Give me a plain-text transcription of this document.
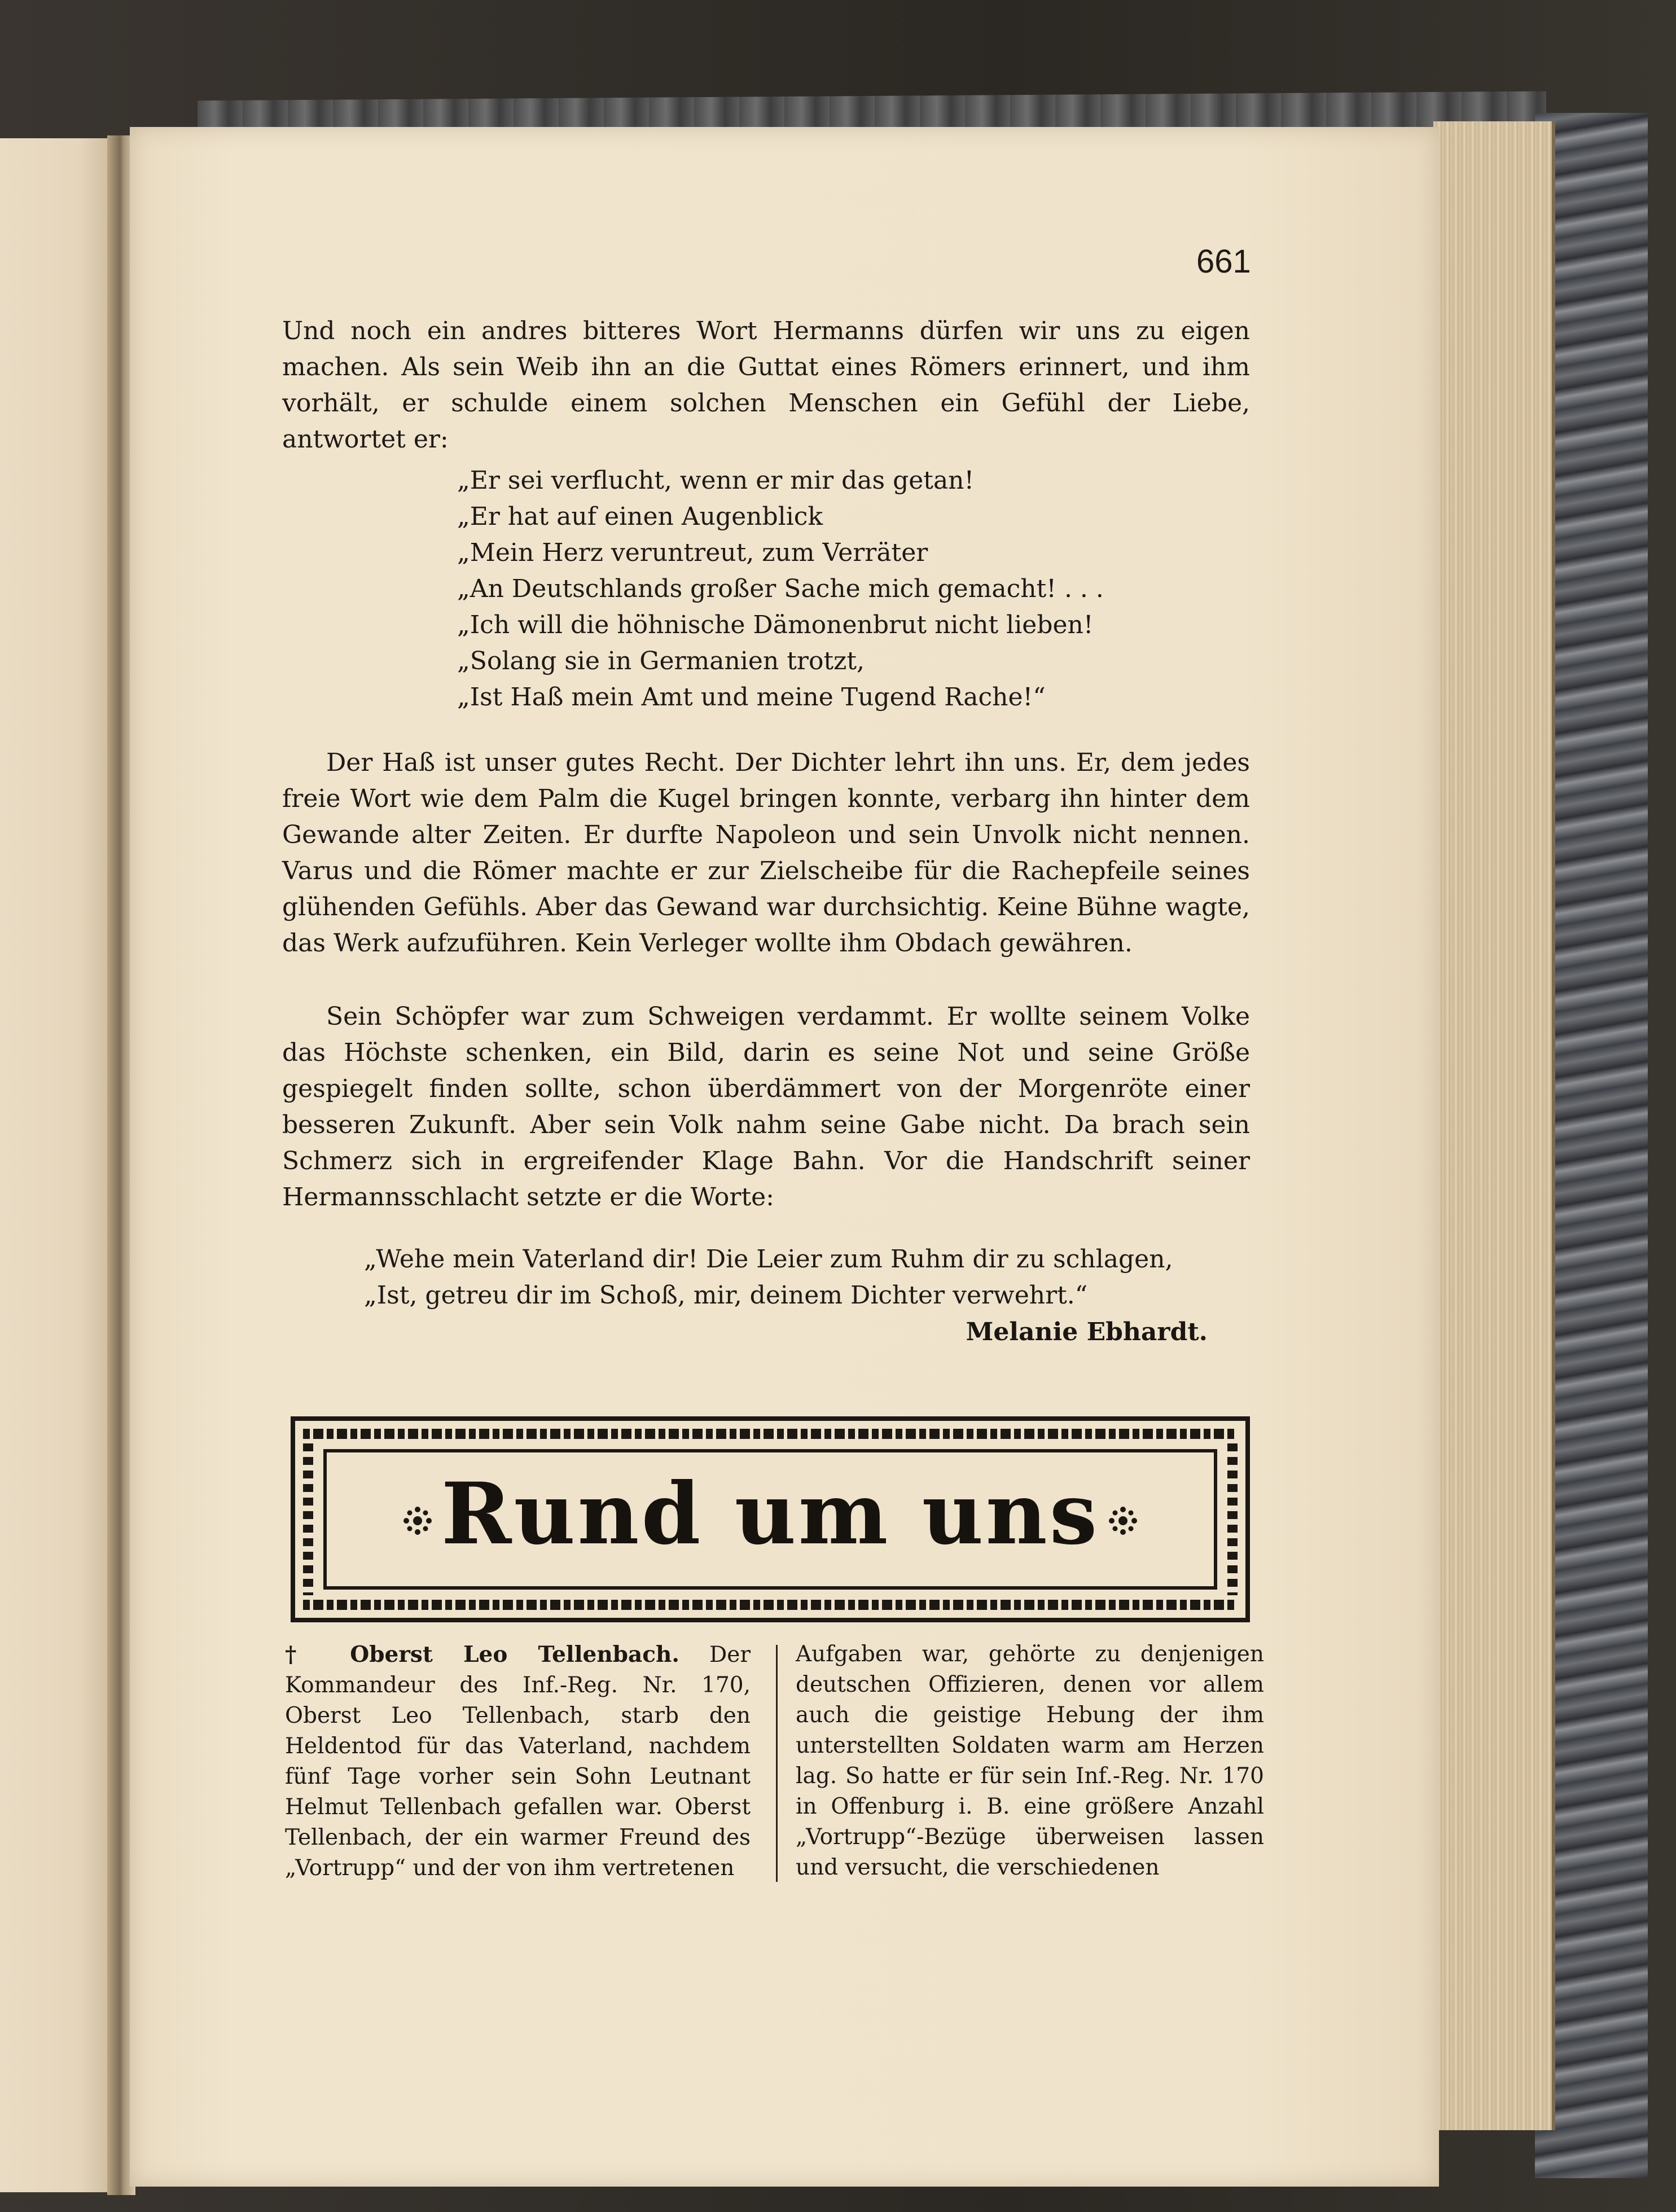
661

Und noch ein andres bitteres Wort Hermanns dürfen wir uns zu eigen machen. Als sein Weib ihn an die Guttat eines Römers erinnert, und ihm vorhält, er schulde einem solchen Menschen ein Gefühl der Liebe, antwortet er:

„Er sei verflucht, wenn er mir das getan!
„Er hat auf einen Augenblick
„Mein Herz veruntreut, zum Verräter
„An Deutschlands großer Sache mich gemacht! . . .
„Ich will die höhnische Dämonenbrut nicht lieben!
„Solang sie in Germanien trotzt,
„Ist Haß mein Amt und meine Tugend Rache!“

Der Haß ist unser gutes Recht. Der Dichter lehrt ihn uns. Er, dem jedes freie Wort wie dem Palm die Kugel bringen konnte, verbarg ihn hinter dem Gewande alter Zeiten. Er durfte Napoleon und sein Unvolk nicht nennen. Varus und die Römer machte er zur Zielscheibe für die Rachepfeile seines glühenden Gefühls. Aber das Gewand war durchsichtig. Keine Bühne wagte, das Werk aufzuführen. Kein Verleger wollte ihm Obdach gewähren.

Sein Schöpfer war zum Schweigen verdammt. Er wollte seinem Volke das Höchste schenken, ein Bild, darin es seine Not und seine Größe gespiegelt finden sollte, schon überdämmert von der Morgenröte einer besseren Zukunft. Aber sein Volk nahm seine Gabe nicht. Da brach sein Schmerz sich in ergreifender Klage Bahn. Vor die Handschrift seiner Hermannsschlacht setzte er die Worte:

„Wehe mein Vaterland dir! Die Leier zum Ruhm dir zu schlagen,
„Ist, getreu dir im Schoß, mir, deinem Dichter verwehrt.“
Melanie Ebhardt.
Rund um uns

† Oberst Leo Tellenbach. Der Kommandeur des Inf.-Reg. Nr. 170, Oberst Leo Tellenbach, starb den Heldentod für das Vaterland, nachdem fünf Tage vorher sein Sohn Leutnant Helmut Tellenbach gefallen war. Oberst Tellenbach, der ein warmer Freund des „Vortrupp“ und der von ihm vertretenen

Aufgaben war, gehörte zu denjenigen deutschen Offizieren, denen vor allem auch die geistige Hebung der ihm unterstellten Soldaten warm am Herzen lag. So hatte er für sein Inf.-Reg. Nr. 170 in Offenburg i. B. eine größere Anzahl „Vortrupp“-Bezüge überweisen lassen und versucht, die verschiedenen
